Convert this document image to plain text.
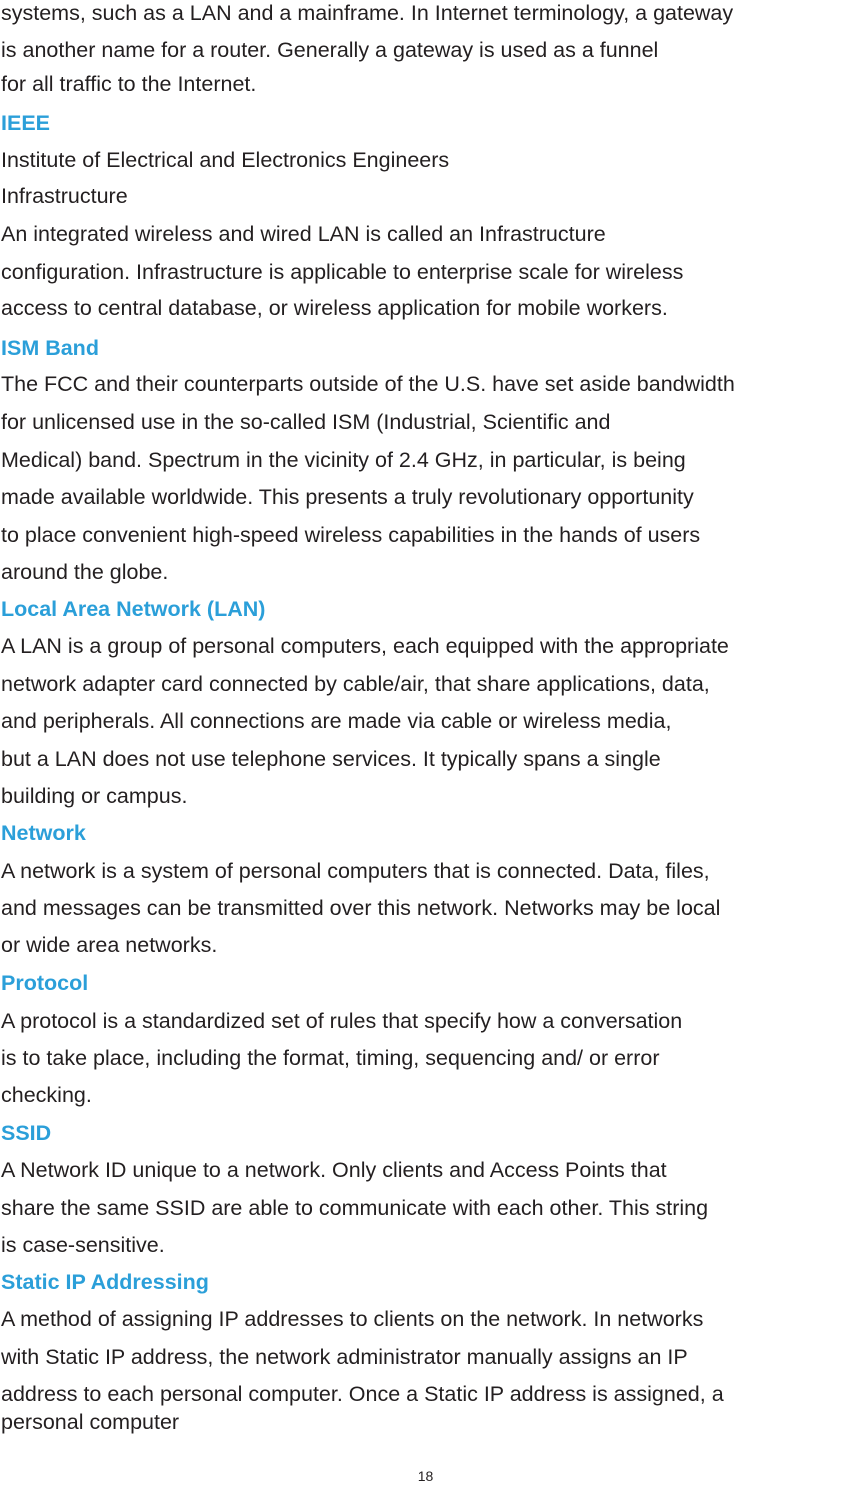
systems, such as a LAN and a mainframe. In Internet terminology, a gateway
is another name for a router. Generally a gateway is used as a funnel
for all traffic to the Internet.
IEEE
Institute of Electrical and Electronics Engineers
Infrastructure
An integrated wireless and wired LAN is called an Infrastructure
configuration. Infrastructure is applicable to enterprise scale for wireless
access to central database, or wireless application for mobile workers.
ISM Band
The FCC and their counterparts outside of the U.S. have set aside bandwidth
for unlicensed use in the so-called ISM (Industrial, Scientific and
Medical) band. Spectrum in the vicinity of 2.4 GHz, in particular, is being
made available worldwide. This presents a truly revolutionary opportunity
to place convenient high-speed wireless capabilities in the hands of users
around the globe.
Local Area Network (LAN)
A LAN is a group of personal computers, each equipped with the appropriate
network adapter card connected by cable/air, that share applications, data,
and peripherals. All connections are made via cable or wireless media,
but a LAN does not use telephone services. It typically spans a single
building or campus.
Network
A network is a system of personal computers that is connected. Data, files,
and messages can be transmitted over this network. Networks may be local
or wide area networks.
Protocol
A protocol is a standardized set of rules that specify how a conversation
is to take place, including the format, timing, sequencing and/ or error
checking.
SSID
A Network ID unique to a network. Only clients and Access Points that
share the same SSID are able to communicate with each other. This string
is case-sensitive.
Static IP Addressing
A method of assigning IP addresses to clients on the network. In networks
with Static IP address, the network administrator manually assigns an IP
address to each personal computer. Once a Static IP address is assigned, a
personal computer
18
